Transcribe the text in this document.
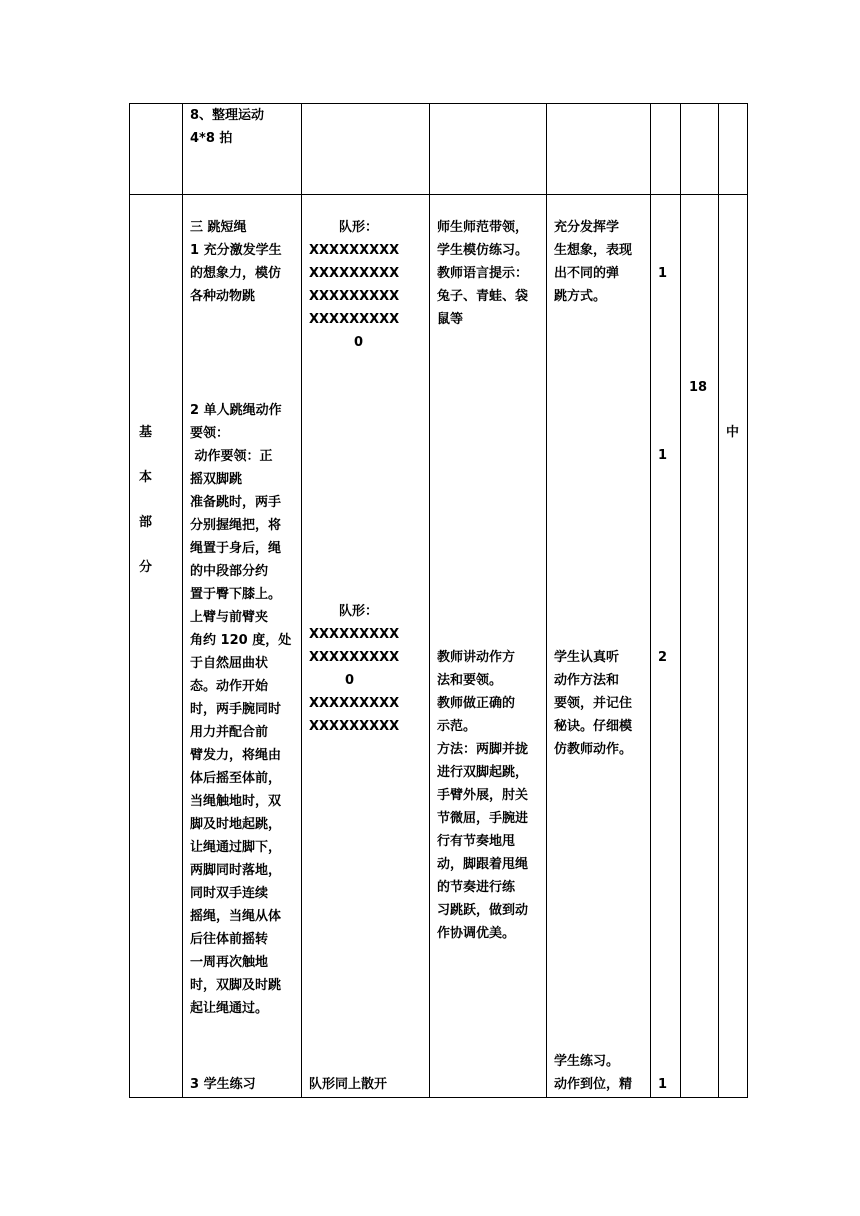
8、整理运动
4*8 拍
基
本
部
分
三 跳短绳
1 充分激发学生
的想象力，模仿
各种动物跳
2 单人跳绳动作
要领：
动作要领：正
摇双脚跳
准备跳时，两手
分别握绳把，将
绳置于身后，绳
的中段部分约
置于臀下膝上。
上臂与前臂夹
角约 120 度，处
于自然屈曲状
态。动作开始
时，两手腕同时
用力并配合前
臂发力，将绳由
体后摇至体前，
当绳触地时，双
脚及时地起跳，
让绳通过脚下，
两脚同时落地，
同时双手连续
摇绳，当绳从体
后往体前摇转
一周再次触地
时，双脚及时跳
起让绳通过。
3 学生练习
队形：
XXXXXXXXX
XXXXXXXXX
XXXXXXXXX
XXXXXXXXX
0
队形：
XXXXXXXXX
XXXXXXXXX
0
XXXXXXXXX
XXXXXXXXX
队形同上散开
师生师范带领，
学生模仿练习。
教师语言提示：
兔子、青蛙、袋
鼠等
教师讲动作方
法和要领。
教师做正确的
示范。
方法：两脚并拢
进行双脚起跳，
手臂外展，肘关
节微屈，手腕进
行有节奏地甩
动，脚跟着甩绳
的节奏进行练
习跳跃，做到动
作协调优美。
充分发挥学
生想象，表现
出不同的弹
跳方式。
学生认真听
动作方法和
要领，并记住
秘诀。仔细模
仿教师动作。
学生练习。
动作到位，精
1
1
2
1
18
中
